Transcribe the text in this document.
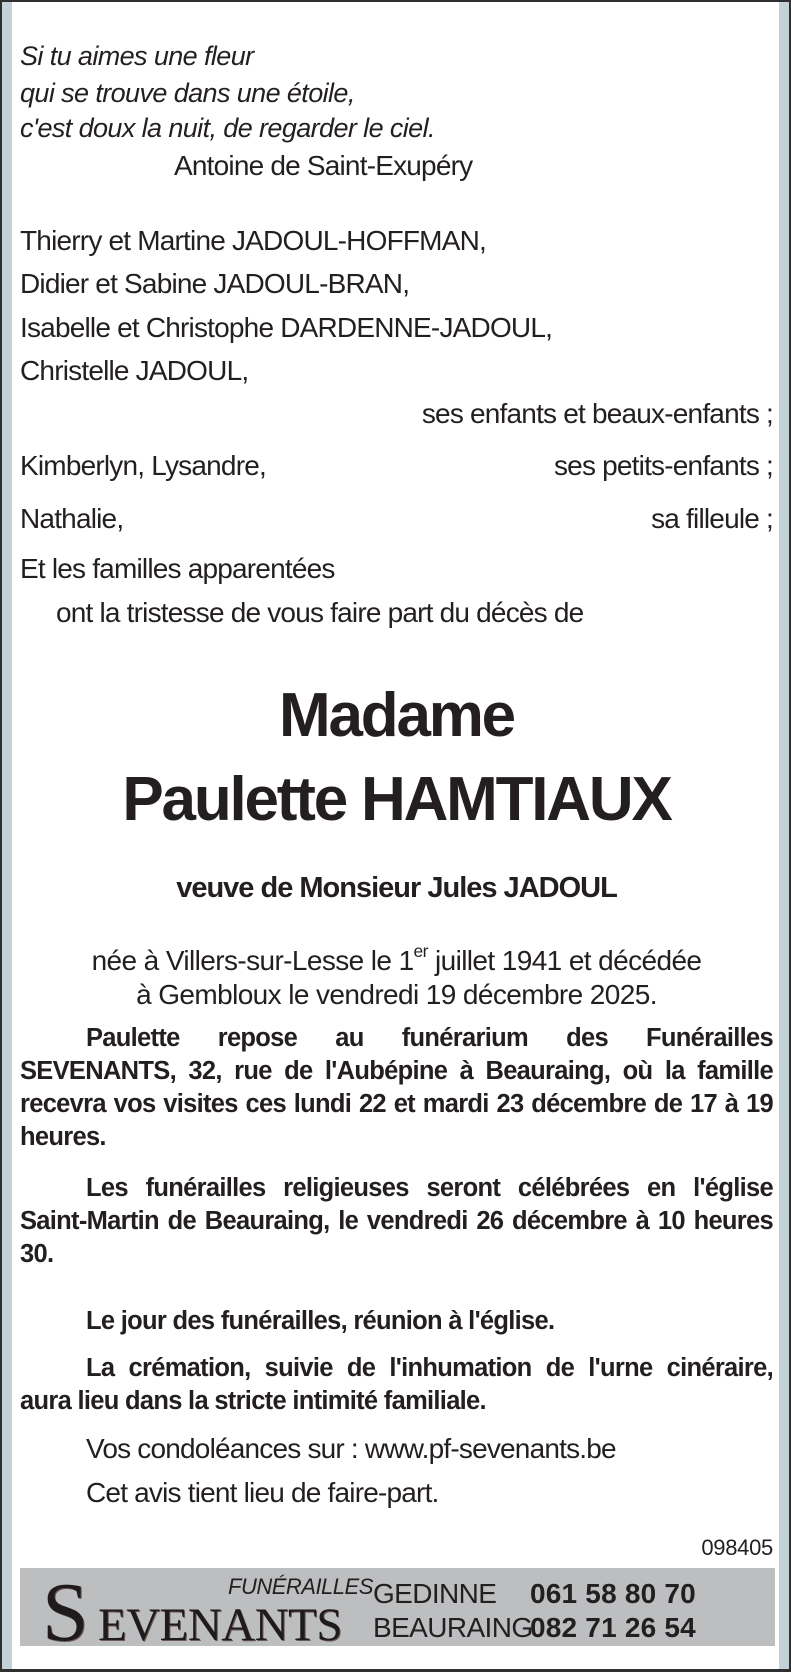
Si tu aimes une fleur
qui se trouve dans une étoile,
c'est doux la nuit, de regarder le ciel.
Antoine de Saint-Exupéry
Thierry et Martine JADOUL-HOFFMAN,
Didier et Sabine JADOUL-BRAN,
Isabelle et Christophe DARDENNE-JADOUL,
Christelle JADOUL,
ses enfants et beaux-enfants ;
Kimberlyn, Lysandre,	ses petits-enfants ;
Nathalie,	sa filleule ;
Et les familles apparentées
ont la tristesse de vous faire part du décès de
Madame
Paulette HAMTIAUX
veuve de Monsieur Jules JADOUL
née à Villers-sur-Lesse le 1er juillet 1941 et décédée
à Gembloux le vendredi 19 décembre 2025.
Paulette repose au funérarium des Funérailles SEVENANTS, 32, rue de l'Aubépine à Beauraing, où la famille recevra vos visites ces lundi 22 et mardi 23 décembre de 17 à 19 heures.
Les funérailles religieuses seront célébrées en l'église Saint-Martin de Beauraing, le vendredi 26 décembre à 10 heures 30.
Le jour des funérailles, réunion à l'église.
La crémation, suivie de l'inhumation de l'urne cinéraire, aura lieu dans la stricte intimité familiale.
Vos condoléances sur : www.pf-sevenants.be
Cet avis tient lieu de faire-part.
098405
FUNÉRAILLES
S EVENANTS
GEDINNE 061 58 80 70
BEAURAING
082 71 26 54
